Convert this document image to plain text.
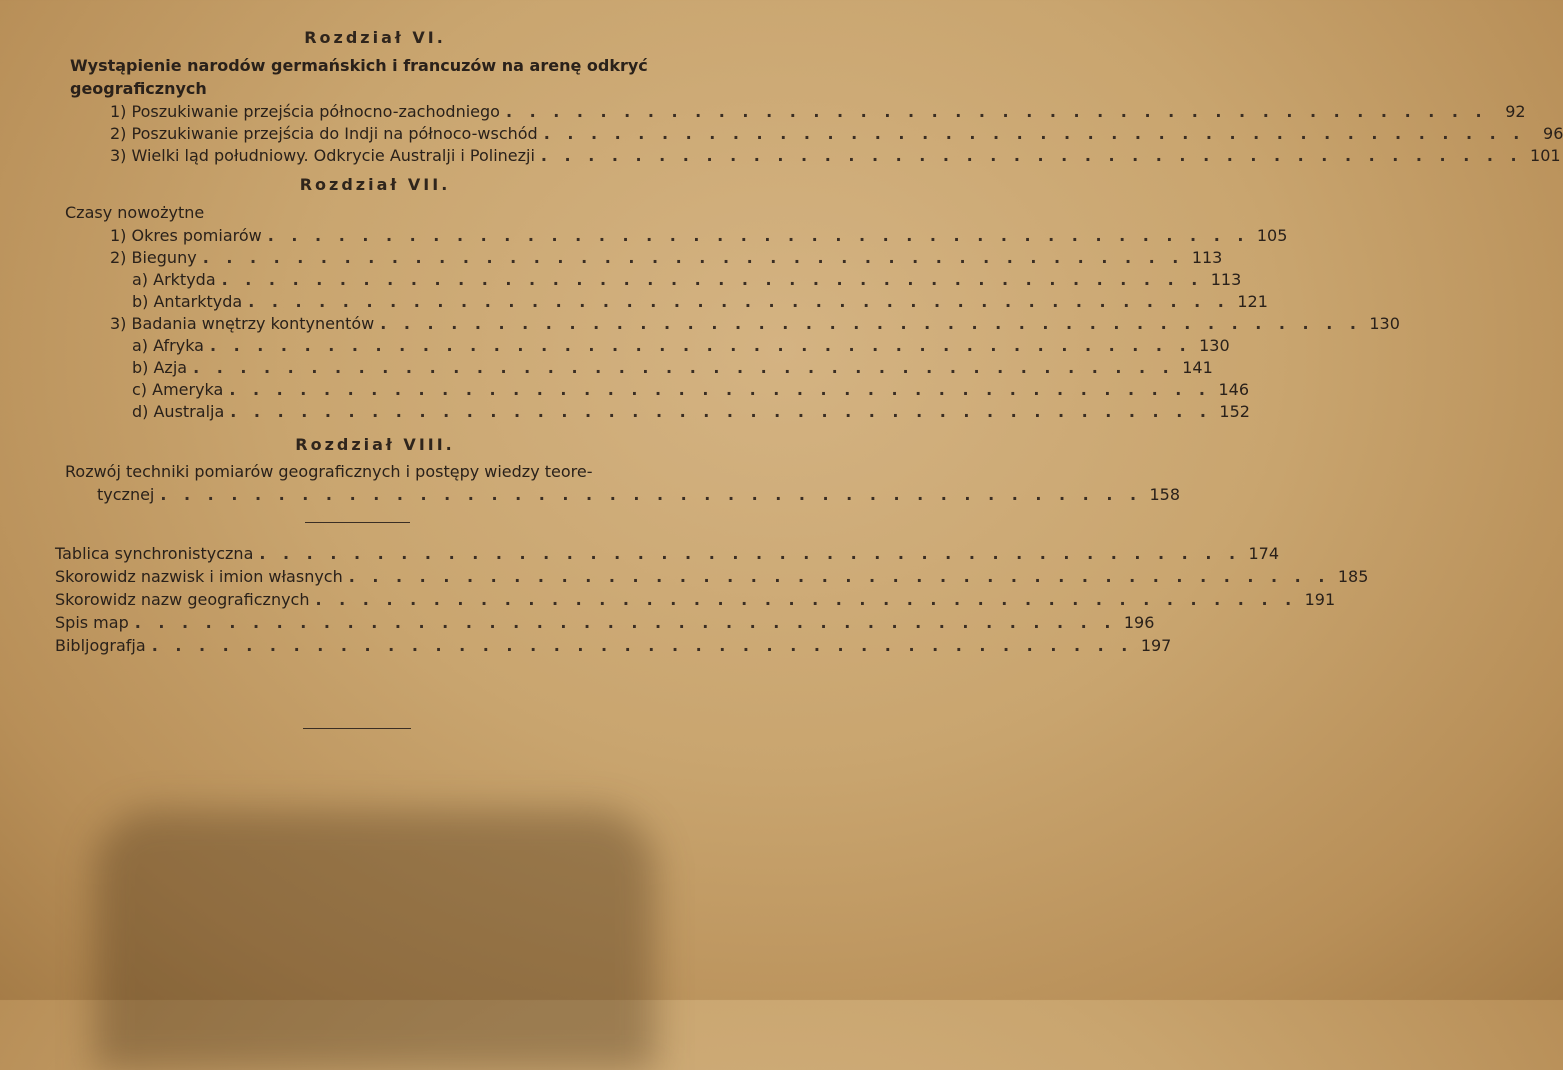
Rozdział VI.
Wystąpienie narodów germańskich i francuzów na arenę odkryć
geograficznych
1) Poszukiwanie przejścia północno-zachodniego . . . . . . . . . . . . . . . . . . . . . . . . . . . . . . . . . . . . . . . . . .	92
2) Poszukiwanie przejścia do Indji na północo-wschód . . . . . . . . . . . . . . . . . . . . . . . . . . . . . . . . . . . . . . . . . .	96
3) Wielki ląd południowy. Odkrycie Australji i Polinezji . . . . . . . . . . . . . . . . . . . . . . . . . . . . . . . . . . . . . . . . . . 101
Rozdział VII.
Czasy nowożytne
1) Okres pomiarów . . . . . . . . . . . . . . . . . . . . . . . . . . . . . . . . . . . . . . . . . . 105
2) Bieguny . . . . . . . . . . . . . . . . . . . . . . . . . . . . . . . . . . . . . . . . . . 113
a) Arktyda . . . . . . . . . . . . . . . . . . . . . . . . . . . . . . . . . . . . . . . . . . 113
b) Antarktyda . . . . . . . . . . . . . . . . . . . . . . . . . . . . . . . . . . . . . . . . . . 121
3) Badania wnętrzy kontynentów . . . . . . . . . . . . . . . . . . . . . . . . . . . . . . . . . . . . . . . . . . 130
a) Afryka . . . . . . . . . . . . . . . . . . . . . . . . . . . . . . . . . . . . . . . . . . 130
b) Azja . . . . . . . . . . . . . . . . . . . . . . . . . . . . . . . . . . . . . . . . . . 141
c) Ameryka . . . . . . . . . . . . . . . . . . . . . . . . . . . . . . . . . . . . . . . . . . 146
d) Australja . . . . . . . . . . . . . . . . . . . . . . . . . . . . . . . . . . . . . . . . . . 152
Rozdział VIII.
Rozwój techniki pomiarów geograficznych i postępy wiedzy teore-
tycznej . . . . . . . . . . . . . . . . . . . . . . . . . . . . . . . . . . . . . . . . . . 158
Tablica synchronistyczna . . . . . . . . . . . . . . . . . . . . . . . . . . . . . . . . . . . . . . . . . . 174
Skorowidz nazwisk i imion własnych . . . . . . . . . . . . . . . . . . . . . . . . . . . . . . . . . . . . . . . . . . 185
Skorowidz nazw geograficznych . . . . . . . . . . . . . . . . . . . . . . . . . . . . . . . . . . . . . . . . . . 191
Spis map . . . . . . . . . . . . . . . . . . . . . . . . . . . . . . . . . . . . . . . . . . 196
Bibljografja . . . . . . . . . . . . . . . . . . . . . . . . . . . . . . . . . . . . . . . . . . 197
